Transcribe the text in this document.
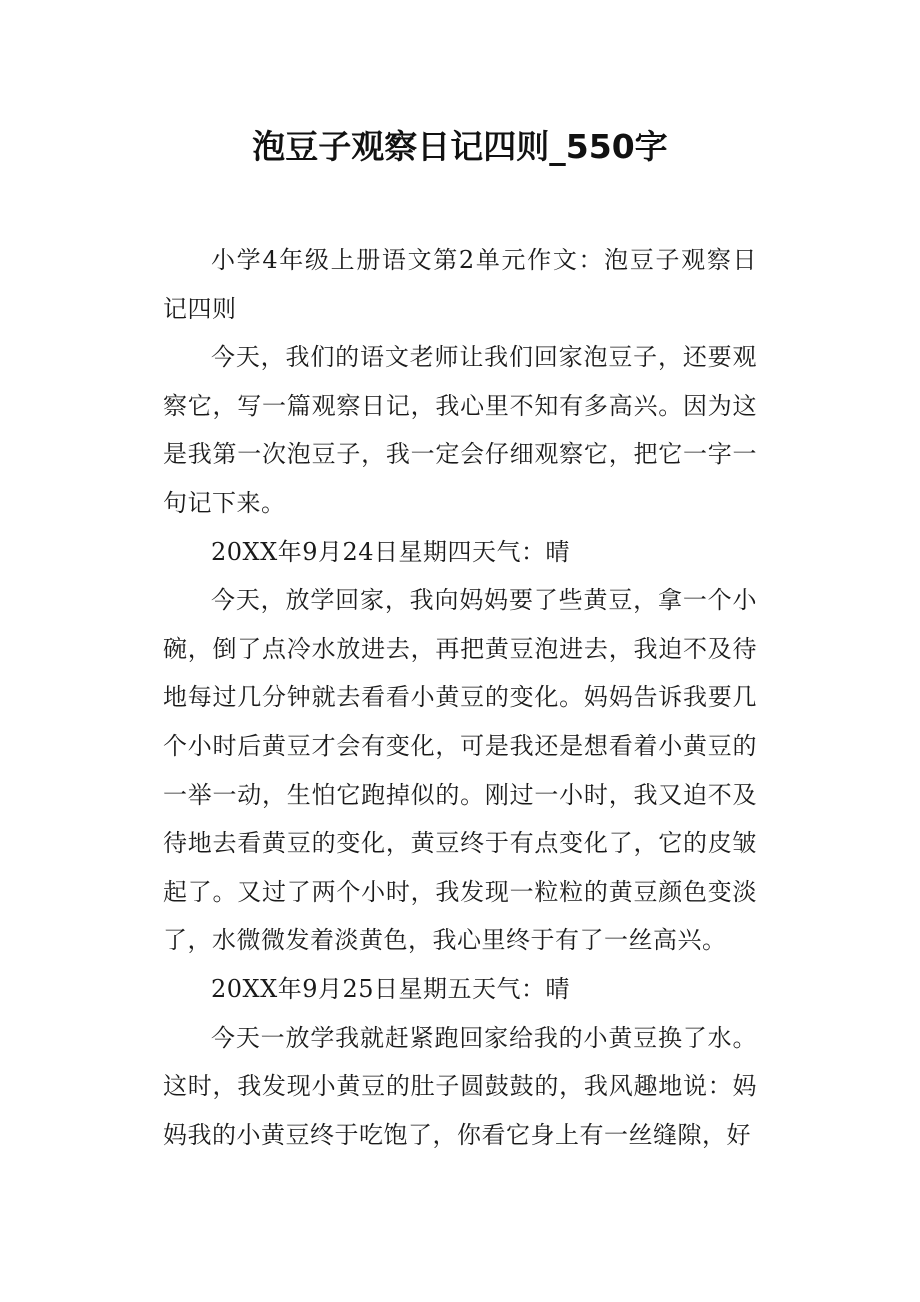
泡豆子观察日记四则_550字

小学4年级上册语文第2单元作文：泡豆子观察日记四则

今天，我们的语文老师让我们回家泡豆子，还要观察它，写一篇观察日记，我心里不知有多高兴。因为这是我第一次泡豆子，我一定会仔细观察它，把它一字一句记下来。

20XX年9月24日星期四天气：晴

今天，放学回家，我向妈妈要了些黄豆，拿一个小碗，倒了点冷水放进去，再把黄豆泡进去，我迫不及待地每过几分钟就去看看小黄豆的变化。妈妈告诉我要几个小时后黄豆才会有变化，可是我还是想看着小黄豆的一举一动，生怕它跑掉似的。刚过一小时，我又迫不及待地去看黄豆的变化，黄豆终于有点变化了，它的皮皱起了。又过了两个小时，我发现一粒粒的黄豆颜色变淡了，水微微发着淡黄色，我心里终于有了一丝高兴。

20XX年9月25日星期五天气：晴

今天一放学我就赶紧跑回家给我的小黄豆换了水。这时，我发现小黄豆的肚子圆鼓鼓的，我风趣地说：妈妈我的小黄豆终于吃饱了，你看它身上有一丝缝隙，好
